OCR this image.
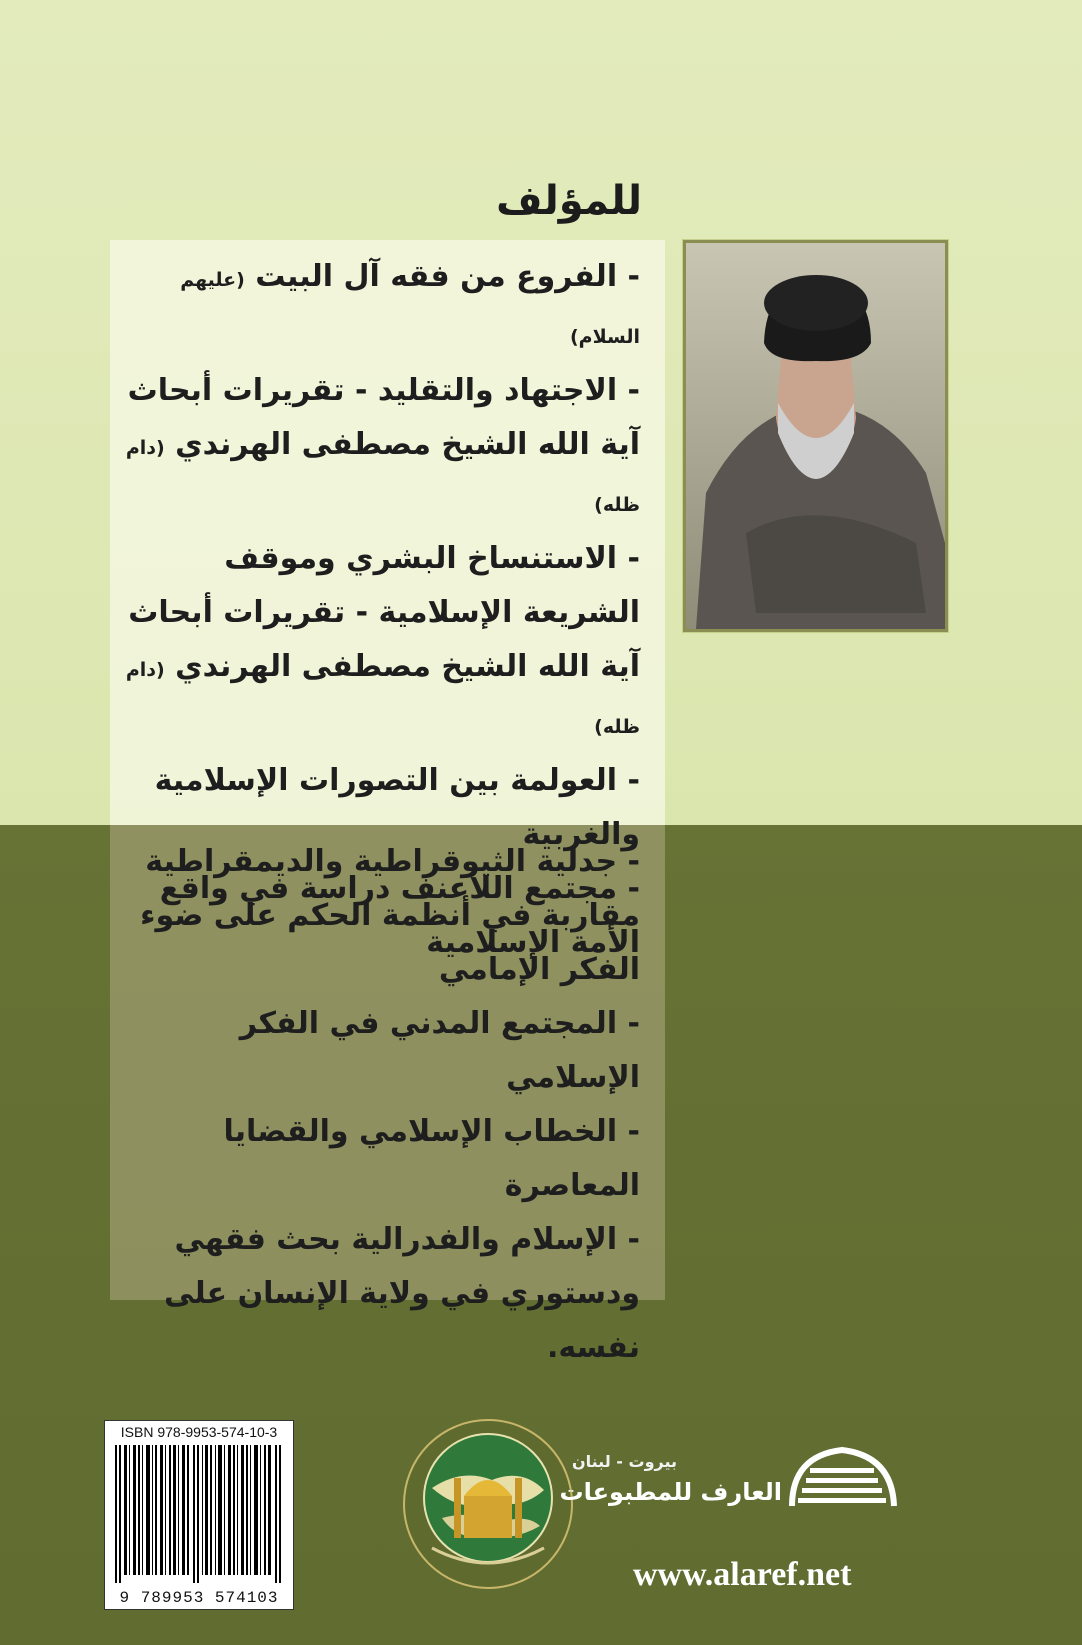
للمؤلف
- الفروع من فقه آل البيت (عليهم السلام)
- الاجتهاد والتقليد - تقريرات أبحاث آية الله الشيخ مصطفى الهرندي (دام ظله)
- الاستنساخ البشري وموقف الشريعة الإسلامية - تقريرات أبحاث آية الله الشيخ مصطفى الهرندي (دام ظله)
- العولمة بين التصورات الإسلامية والغربية
- مجتمع اللاعنف دراسة في واقع الأمة الإسلامية
- جدلية الثيوقراطية والديمقراطية مقاربة في أنظمة الحكم على ضوء الفكر الإمامي
- المجتمع المدني في الفكر الإسلامي
- الخطاب الإسلامي والقضايا المعاصرة
- الإسلام والفدرالية بحث فقهي ودستوري في ولاية الإنسان على نفسه.
ISBN 978-9953-574-10-3
9 789953 574103
بيروت - لبنان
العارف للمطبوعات
www.alaref.net
